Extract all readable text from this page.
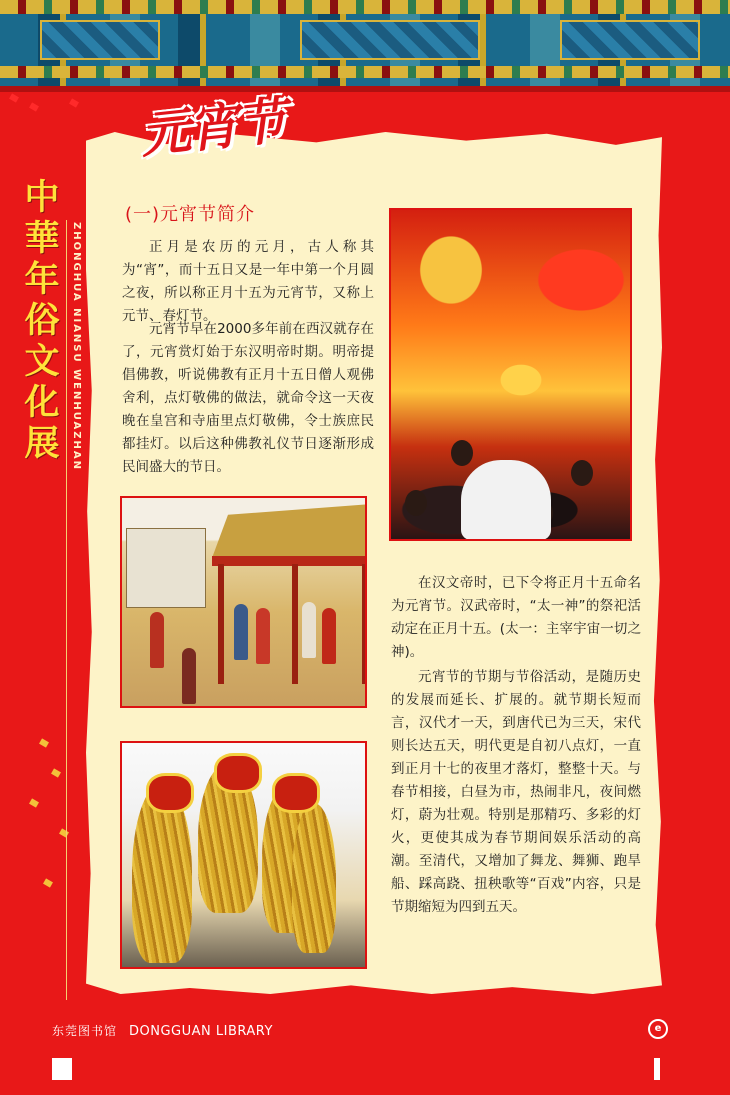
中華年俗文化展	ZHONGHUA NIANSU WENHUAZHAN
元宵节
(一)元宵节简介
正月是农历的元月，古人称其为“宵”，而十五日又是一年中第一个月圆之夜，所以称正月十五为元宵节，又称上元节、春灯节。
元宵节早在2000多年前在西汉就存在了，元宵赏灯始于东汉明帝时期。明帝提倡佛教，听说佛教有正月十五日僧人观佛舍利，点灯敬佛的做法，就命令这一天夜晚在皇宫和寺庙里点灯敬佛，令士族庶民都挂灯。以后这种佛教礼仪节日逐渐形成民间盛大的节日。
在汉文帝时，已下令将正月十五命名为元宵节。汉武帝时，“太一神”的祭祀活动定在正月十五。(太一：主宰宇宙一切之神)。
元宵节的节期与节俗活动，是随历史的发展而延长、扩展的。就节期长短而言，汉代才一天，到唐代已为三天，宋代则长达五天，明代更是自初八点灯，一直到正月十七的夜里才落灯，整整十天。与春节相接，白昼为市，热闹非凡，夜间燃灯，蔚为壮观。特别是那精巧、多彩的灯火，更使其成为春节期间娱乐活动的高潮。至清代，又增加了舞龙、舞狮、跑旱船、踩高跷、扭秧歌等“百戏”内容，只是节期缩短为四到五天。
东莞图书馆 DONGGUAN LIBRARY	e
